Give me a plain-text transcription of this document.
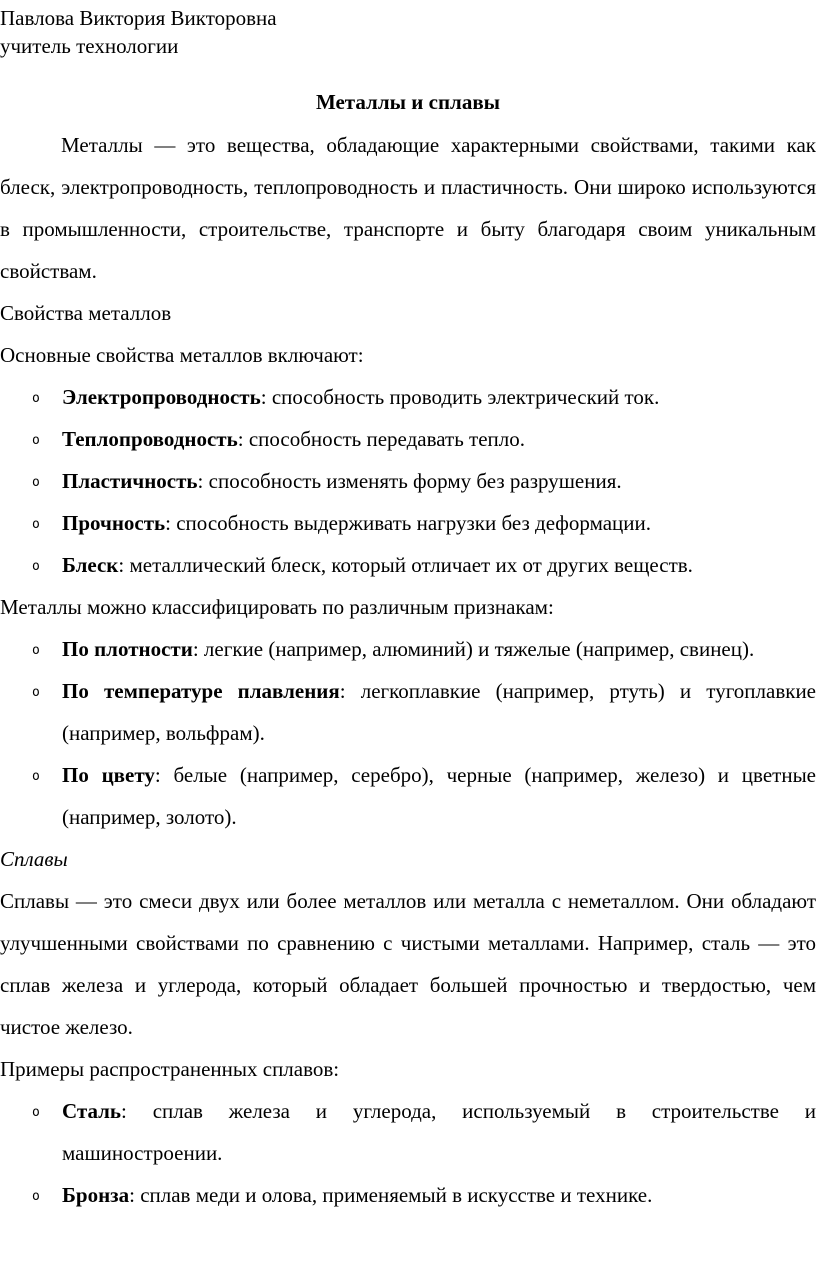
Павлова Виктория Викторовна
учитель технологии
Металлы и сплавы

Металлы — это вещества, обладающие характерными свойствами, такими как блеск, электропроводность, теплопроводность и пластичность. Они широко используются в промышленности, строительстве, транспорте и быту благодаря своим уникальным свойствам.

Свойства металлов

Основные свойства металлов включают:

o Электропроводность: способность проводить электрический ток.
o Теплопроводность: способность передавать тепло.
o Пластичность: способность изменять форму без разрушения.
o Прочность: способность выдерживать нагрузки без деформации.
o Блеск: металлический блеск, который отличает их от других веществ.

Металлы можно классифицировать по различным признакам:

o По плотности: легкие (например, алюминий) и тяжелые (например, свинец).
o По температуре плавления: легкоплавкие (например, ртуть) и тугоплавкие (например, вольфрам).
o По цвету: белые (например, серебро), черные (например, железо) и цветные (например, золото).

Сплавы

Сплавы — это смеси двух или более металлов или металла с неметаллом. Они обладают улучшенными свойствами по сравнению с чистыми металлами. Например, сталь — это сплав железа и углерода, который обладает большей прочностью и твердостью, чем чистое железо.

Примеры распространенных сплавов:

o Сталь: сплав железа и углерода, используемый в строительстве и машиностроении.
o Бронза: сплав меди и олова, применяемый в искусстве и технике.
